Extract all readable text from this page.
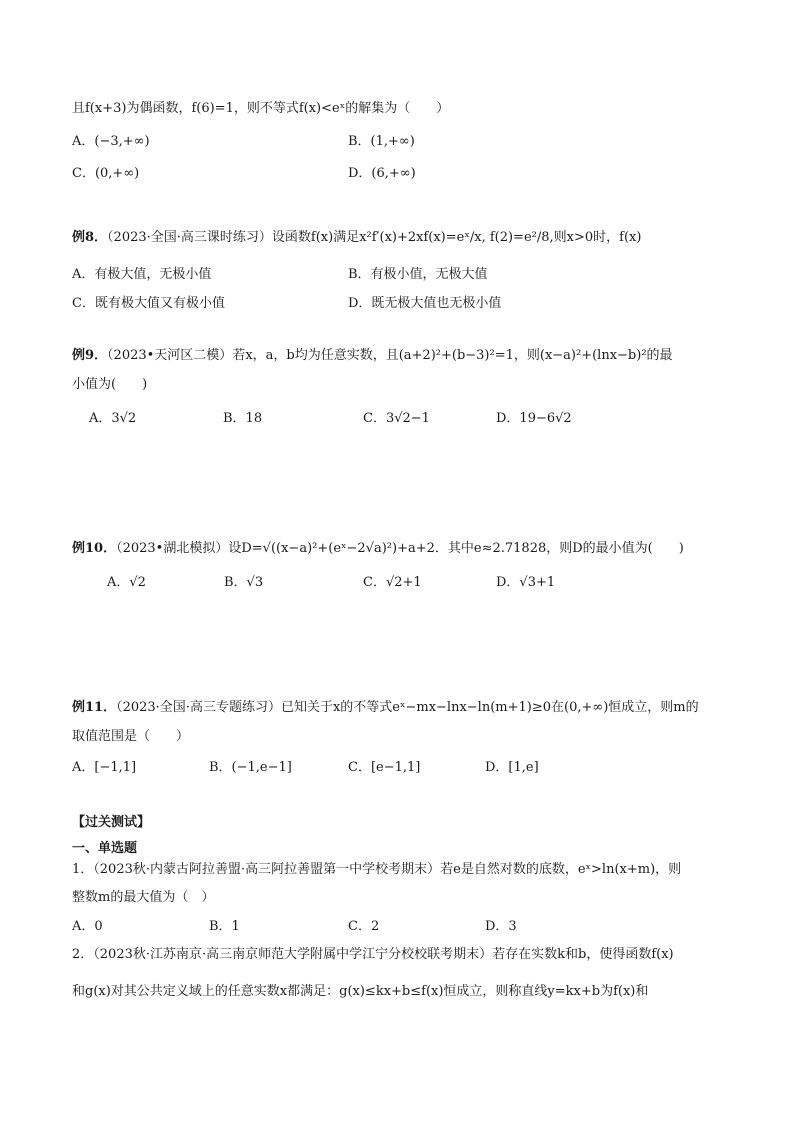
且f(x+3)为偶函数，f(6)=1，则不等式f(x)<eˣ的解集为（　　）
A．(−3,+∞)	B．(1,+∞)
C．(0,+∞)	D．(6,+∞)
例8．（2023·全国·高三课时练习）设函数f(x)满足x²f′(x)+2xf(x)=eˣ/x, f(2)=e²/8,则x>0时，f(x)
A．有极大值，无极小值	B．有极小值，无极大值
C．既有极大值又有极小值	D．既无极大值也无极小值
例9．（2023•天河区二模）若x，a，b均为任意实数，且(a+2)²+(b−3)²=1，则(x−a)²+(lnx−b)²的最
小值为(　　)
A．3√2	B．18	C．3√2−1	D．19−6√2
例10．（2023•湖北模拟）设D=√((x−a)²+(eˣ−2√a)²)+a+2．其中e≈2.71828，则D的最小值为(　　)
A．√2	B．√3	C．√2+1	D．√3+1
例11．（2023·全国·高三专题练习）已知关于x的不等式eˣ−mx−lnx−ln(m+1)≥0在(0,+∞)恒成立，则m的
取值范围是（　　）
A．[−1,1]	B．(−1,e−1]	C．[e−1,1]	D．[1,e]
【过关测试】
一、单选题
1．（2023秋·内蒙古阿拉善盟·高三阿拉善盟第一中学校考期末）若e是自然对数的底数，eˣ>ln(x+m)，则
整数m的最大值为（　）
A．0	B．1	C．2	D．3
2．（2023秋·江苏南京·高三南京师范大学附属中学江宁分校校联考期末）若存在实数k和b，使得函数f(x)
和g(x)对其公共定义域上的任意实数x都满足：g(x)≤kx+b≤f(x)恒成立，则称直线y=kx+b为f(x)和
